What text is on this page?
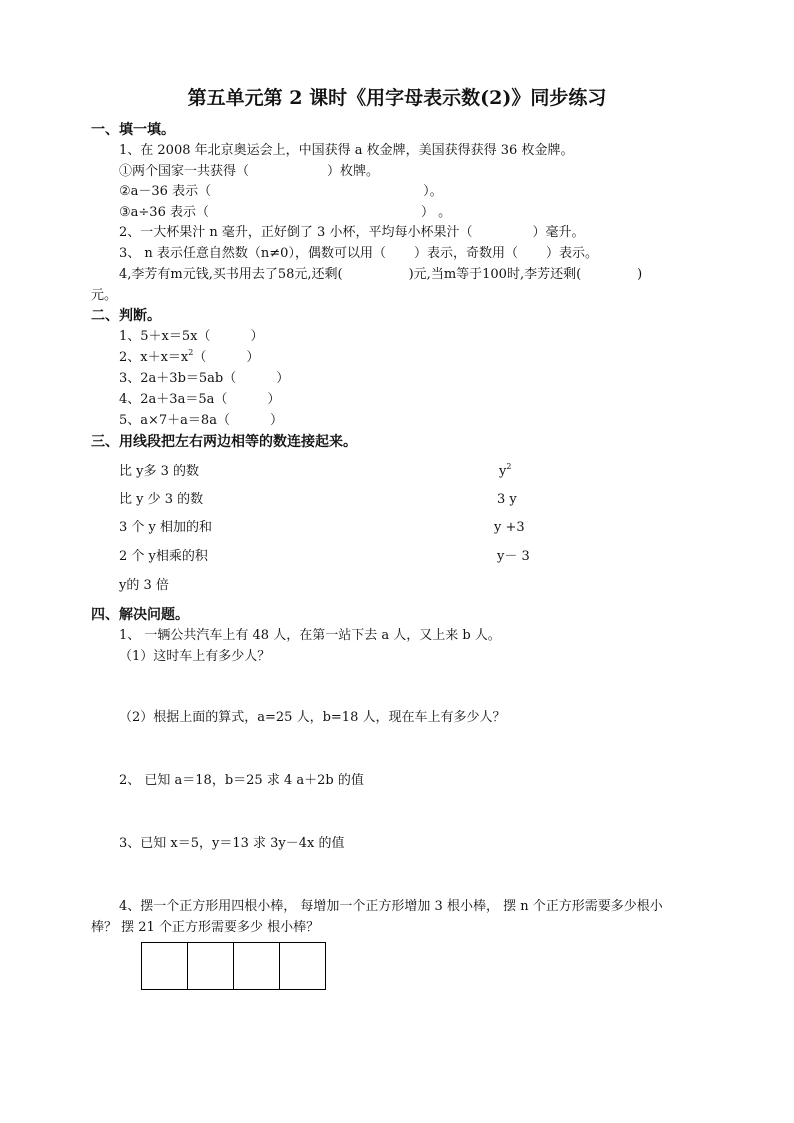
第五单元第 2 课时《用字母表示数(2)》同步练习
一、填一填。
1、在 2008 年北京奥运会上，中国获得 a 枚金牌，美国获得获得 36 枚金牌。
①两个国家一共获得（	）枚牌。
②a－36 表示（	）。
③a÷36 表示（	） 。
2、一大杯果汁 n 毫升，正好倒了 3 小杯，平均每小杯果汁（	）毫升。
3、 n 表示任意自然数（n≠0），偶数可以用（ ）表示，奇数用（ ）表示。
4,李芳有m元钱,买书用去了58元,还剩(	)元,当m等于100时,李芳还剩(	)
元。
二、判断。
1、5＋x＝5x（	）
2、$x+x=x^2$（	）
3、2a＋3b＝5ab（	）
4、2a＋3a＝5a（	）
5、a×7＋a＝8a（	）
三、用线段把左右两边相等的数连接起来。
比 y多 3 的数
比 y 少 3 的数
3 个 y 相加的和
2 个 y相乘的积
y的 3 倍
$y^2$
3 y
y +3
y－ 3
四、解决问题。
1、 一辆公共汽车上有 48 人，在第一站下去 a 人，又上来 b 人。
（1）这时车上有多少人？
（2）根据上面的算式，a=25 人，b=18 人，现在车上有多少人？
2、 已知 a＝18，b＝25 求 4 a＋2b 的值
3、已知 x＝5，y＝13 求 3y－4x 的值
4、摆一个正方形用四根小棒， 每增加一个正方形增加 3 根小棒， 摆 n 个正方形需要多少根小
棒？ 摆 21 个正方形需要多少 根小棒？
